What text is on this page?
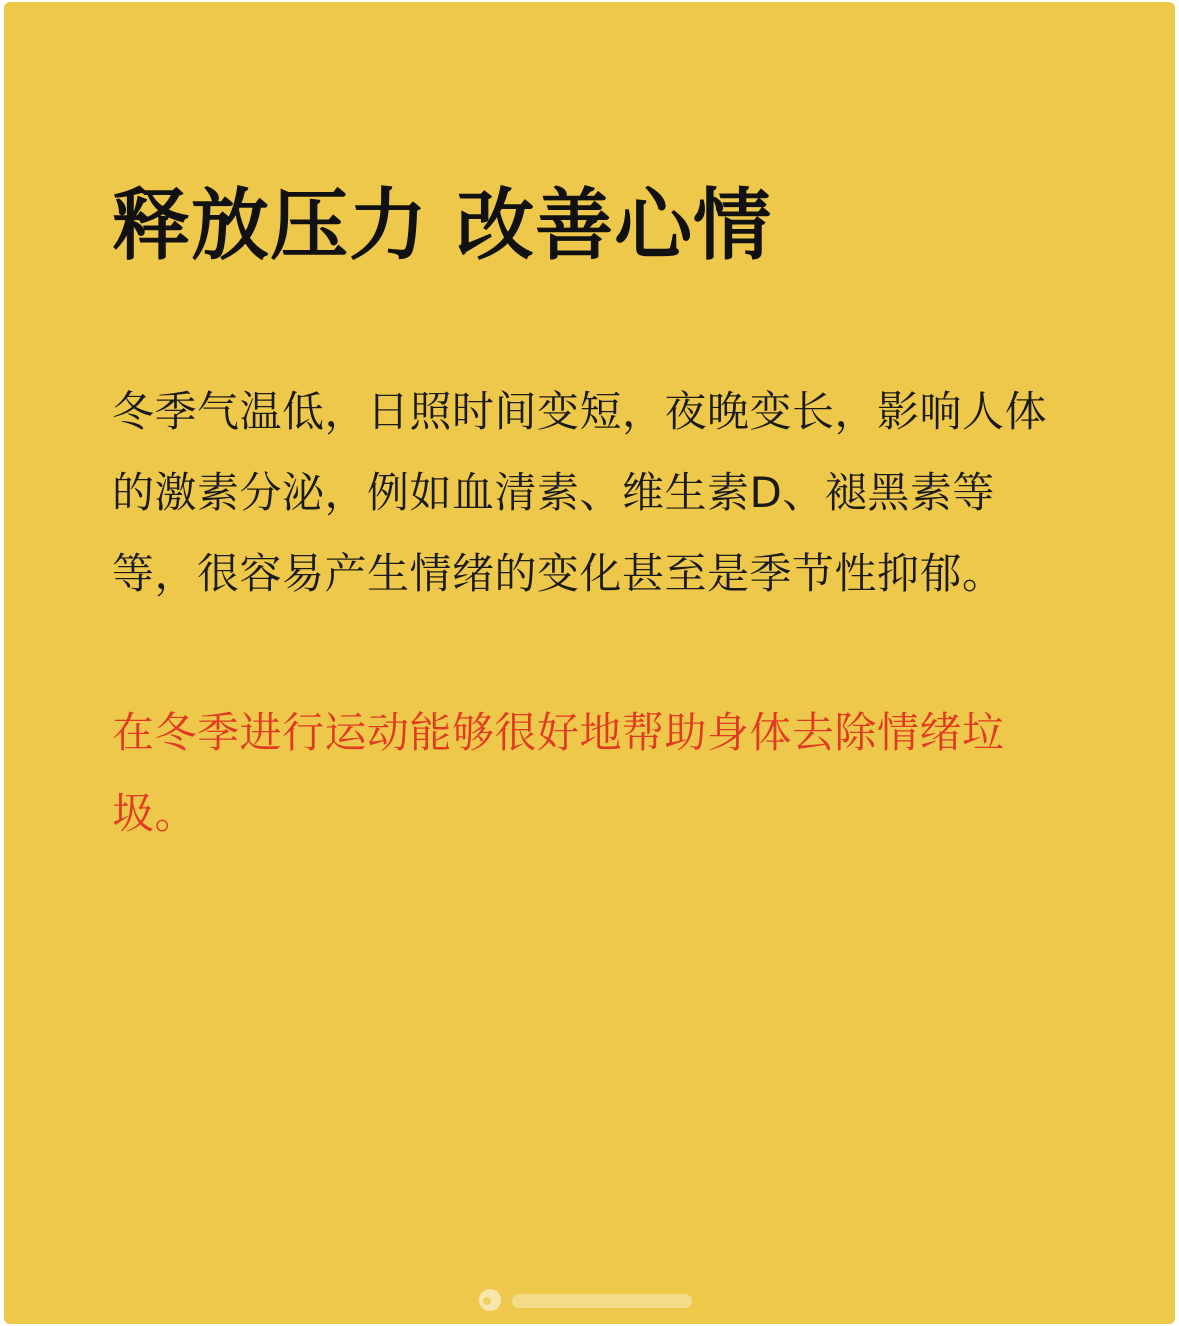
释放压力 改善心情

冬季气温低，日照时间变短，夜晚变长，影响人体的激素分泌，例如血清素、维生素D、褪黑素等等，很容易产生情绪的变化甚至是季节性抑郁。

在冬季进行运动能够很好地帮助身体去除情绪垃圾。
